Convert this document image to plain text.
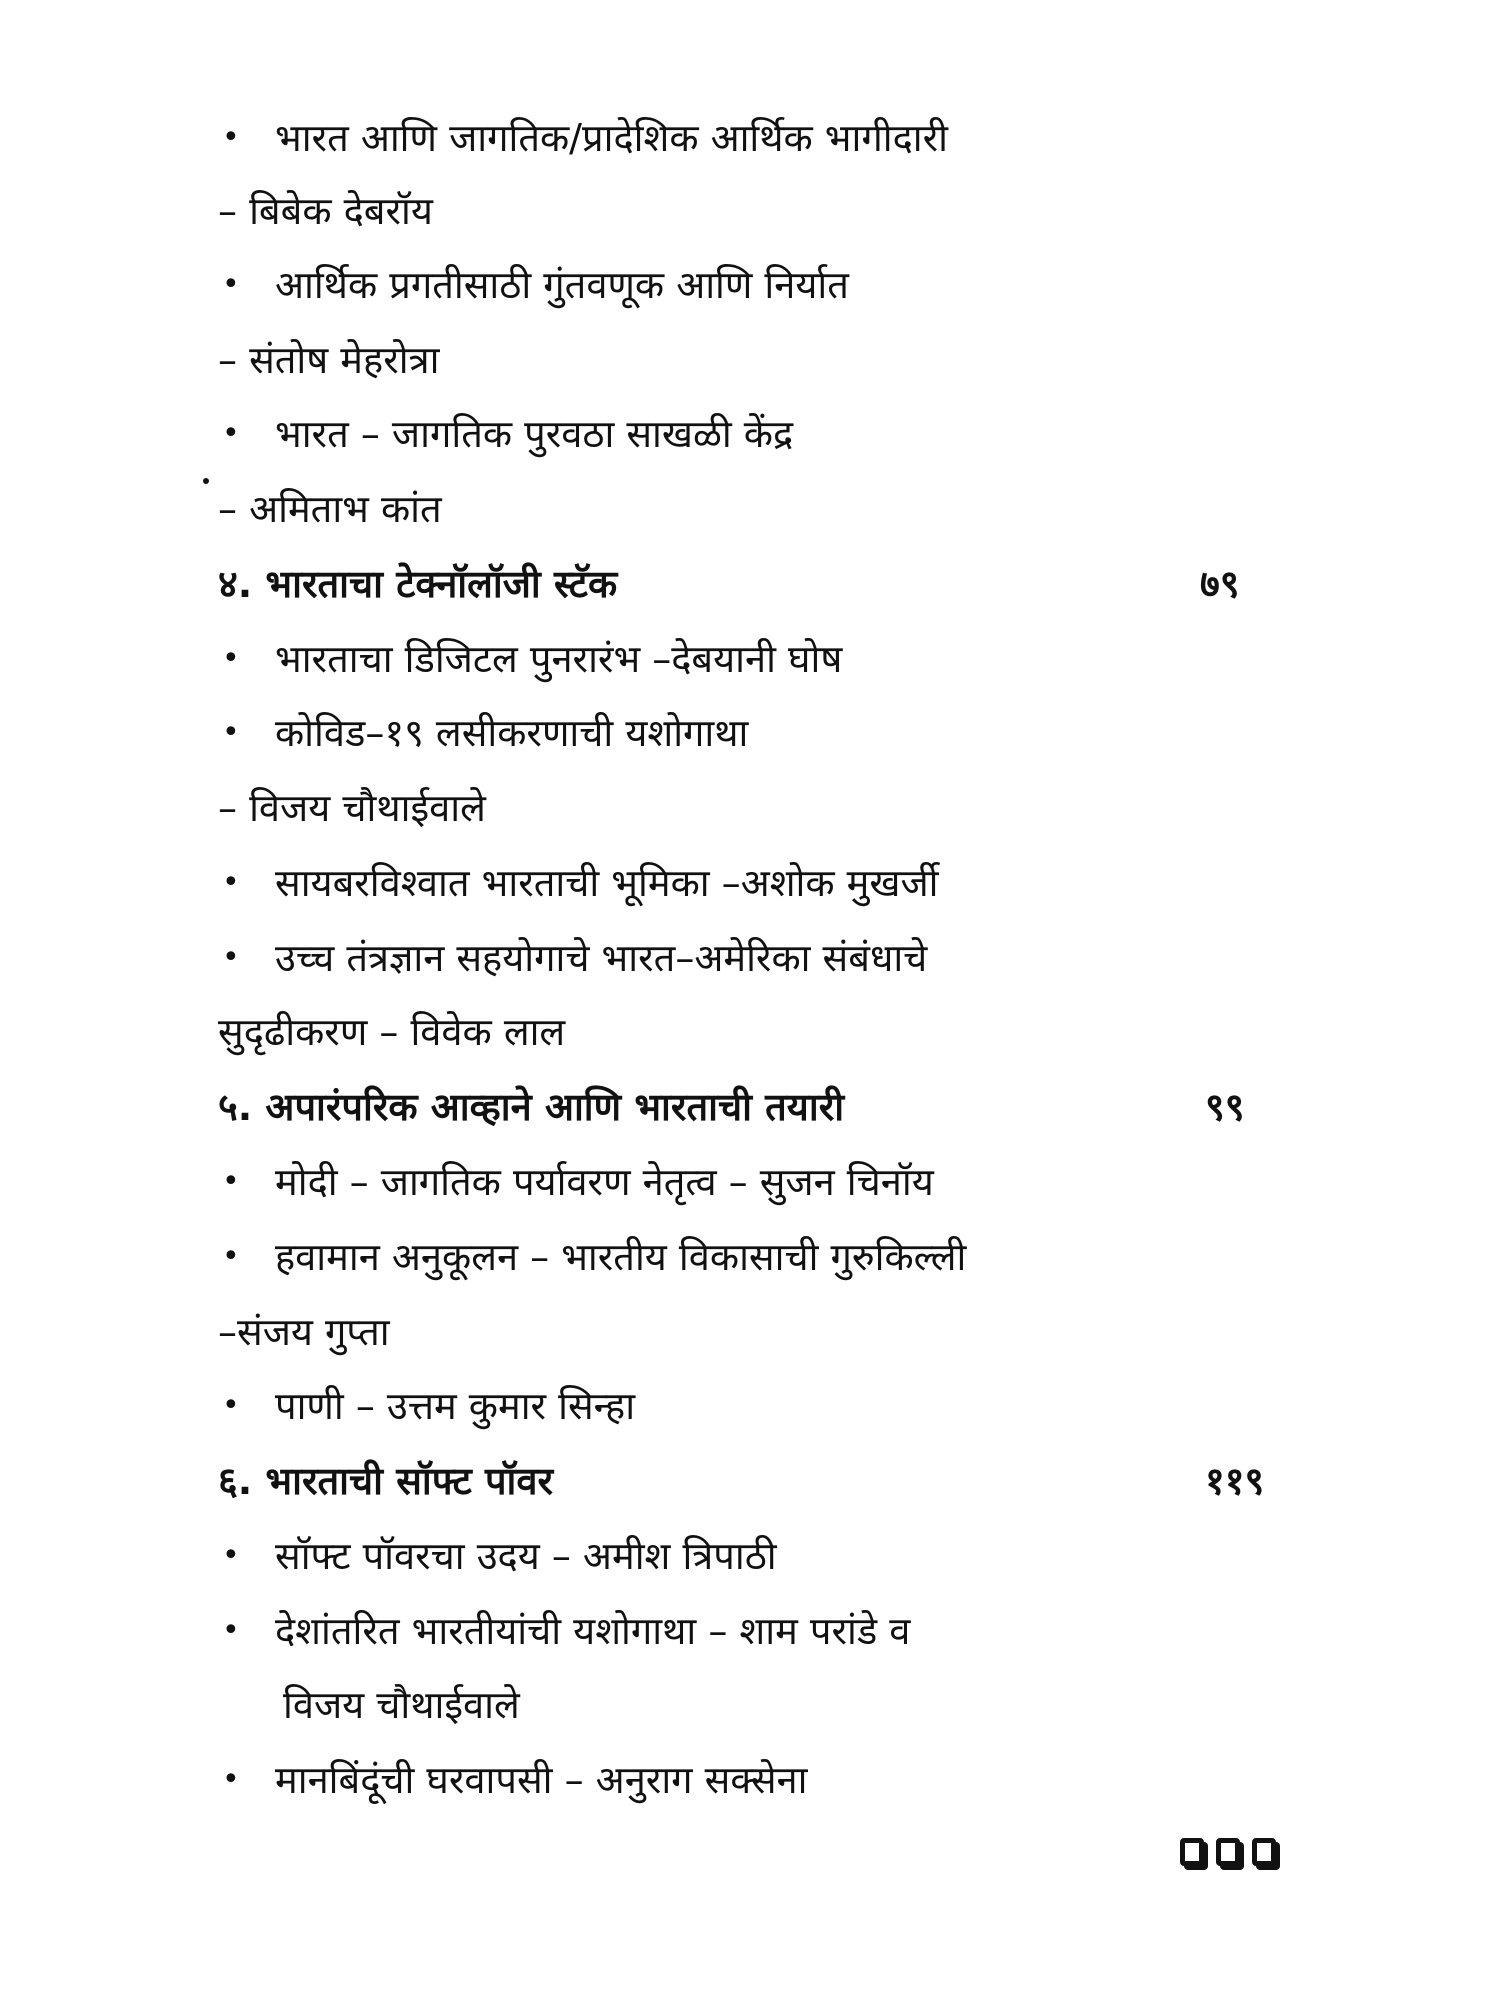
• भारत आणि जागतिक/प्रादेशिक आर्थिक भागीदारी
– बिबेक देबरॉय
• आर्थिक प्रगतीसाठी गुंतवणूक आणि निर्यात
– संतोष मेहरोत्रा
• भारत – जागतिक पुरवठा साखळी केंद्र
– अमिताभ कांत
४. भारताचा टेक्नॉलॉजी स्टॅक	७९
• भारताचा डिजिटल पुनरारंभ –देबयानी घोष
• कोविड–१९ लसीकरणाची यशोगाथा
– विजय चौथाईवाले
• सायबरविश्वात भारताची भूमिका –अशोक मुखर्जी
• उच्च तंत्रज्ञान सहयोगाचे भारत–अमेरिका संबंधाचे
सुदृढीकरण – विवेक लाल
५. अपारंपरिक आव्हाने आणि भारताची तयारी	९९
• मोदी – जागतिक पर्यावरण नेतृत्व – सुजन चिनॉय
• हवामान अनुकूलन – भारतीय विकासाची गुरुकिल्ली
–संजय गुप्ता
• पाणी – उत्तम कुमार सिन्हा
६. भारताची सॉफ्ट पॉवर	११९
• सॉफ्ट पॉवरचा उदय – अमीश त्रिपाठी
• देशांतरित भारतीयांची यशोगाथा – शाम परांडे व
विजय चौथाईवाले
• मानबिंदूंची घरवापसी – अनुराग सक्सेना
